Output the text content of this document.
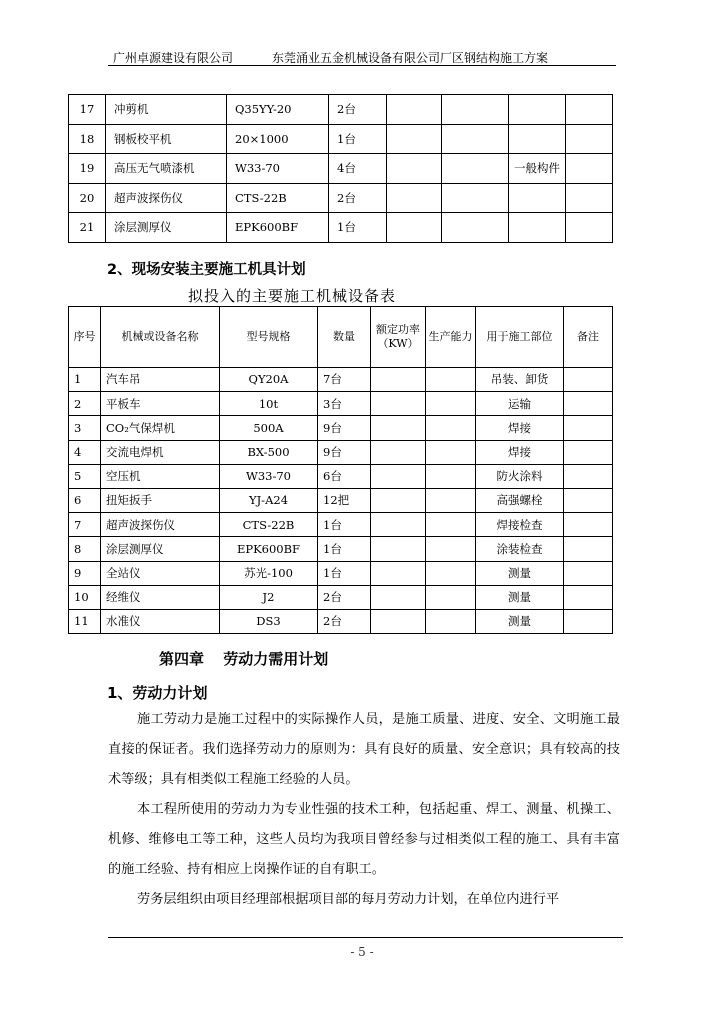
广州卓源建设有限公司	东莞涌业五金机械设备有限公司厂区钢结构施工方案
17	冲剪机	Q35YY-20	2台				
18	钢板校平机	20×1000	1台				
19	高压无气喷漆机	W33-70	4台			一般构件	
20	超声波探伤仪	CTS-22B	2台				
21	涂层测厚仪	EPK600BF	1台				
2、现场安装主要施工机具计划
拟投入的主要施工机械设备表
序号	机械或设备名称	型号规格	数量	额定功率（KW）	生产能力	用于施工部位	备注
1	汽车吊	QY20A	7台			吊装、卸货	
2	平板车	10t	3台			运输	
3	CO₂气保焊机	500A	9台			焊接	
4	交流电焊机	BX-500	9台			焊接	
5	空压机	W33-70	6台			防火涂料	
6	扭矩扳手	YJ-A24	12把			高强螺栓	
7	超声波探伤仪	CTS-22B	1台			焊接检查	
8	涂层测厚仪	EPK600BF	1台			涂装检查	
9	全站仪	苏光-100	1台			测量	
10	经维仪	J2	2台			测量	
11	水准仪	DS3	2台			测量	
第四章 劳动力需用计划
1、劳动力计划

施工劳动力是施工过程中的实际操作人员，是施工质量、进度、安全、文明施工最直接的保证者。我们选择劳动力的原则为：具有良好的质量、安全意识；具有较高的技术等级；具有相类似工程施工经验的人员。

本工程所使用的劳动力为专业性强的技术工种，包括起重、焊工、测量、机操工、机修、维修电工等工种，这些人员均为我项目曾经参与过相类似工程的施工、具有丰富的施工经验、持有相应上岗操作证的自有职工。

劳务层组织由项目经理部根据项目部的每月劳动力计划，在单位内进行平

- 5 -
